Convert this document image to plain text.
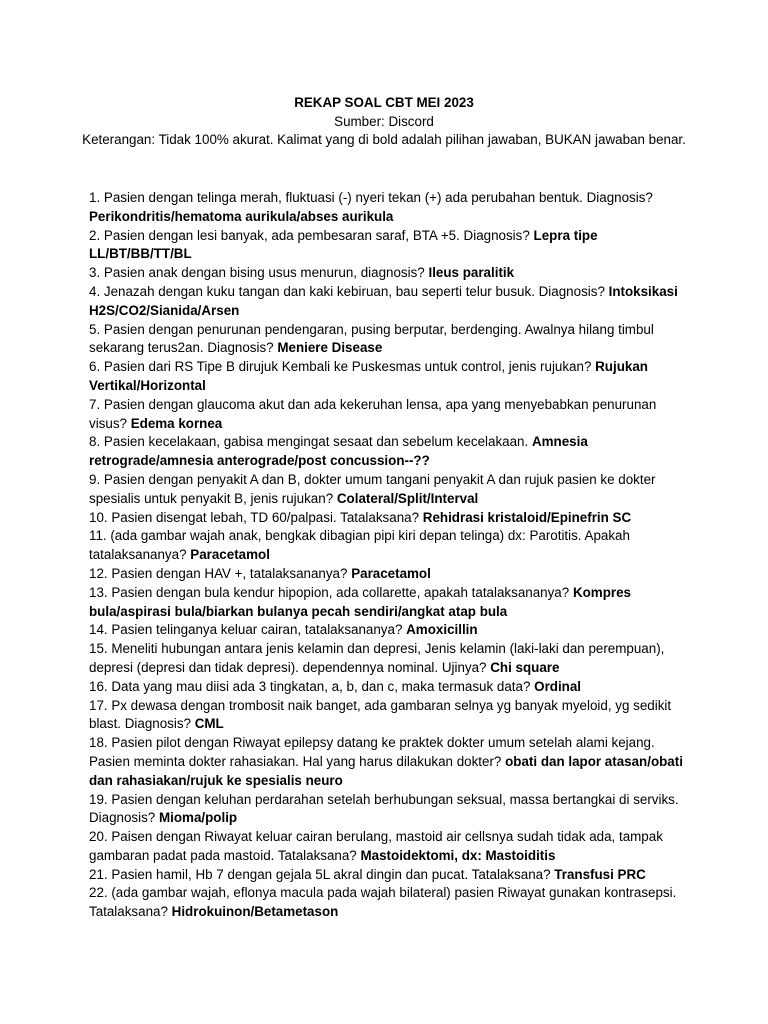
REKAP SOAL CBT MEI 2023
Sumber: Discord
Keterangan: Tidak 100% akurat. Kalimat yang di bold adalah pilihan jawaban, BUKAN jawaban benar.

1. Pasien dengan telinga merah, fluktuasi (-) nyeri tekan (+) ada perubahan bentuk. Diagnosis? Perikondritis/hematoma aurikula/abses aurikula

2. Pasien dengan lesi banyak, ada pembesaran saraf, BTA +5. Diagnosis? Lepra tipe LL/BT/BB/TT/BL

3. Pasien anak dengan bising usus menurun, diagnosis? Ileus paralitik

4. Jenazah dengan kuku tangan dan kaki kebiruan, bau seperti telur busuk. Diagnosis? Intoksikasi H2S/CO2/Sianida/Arsen

5. Pasien dengan penurunan pendengaran, pusing berputar, berdenging. Awalnya hilang timbul sekarang terus2an. Diagnosis? Meniere Disease

6. Pasien dari RS Tipe B dirujuk Kembali ke Puskesmas untuk control, jenis rujukan? Rujukan Vertikal/Horizontal

7. Pasien dengan glaucoma akut dan ada kekeruhan lensa, apa yang menyebabkan penurunan visus? Edema kornea

8. Pasien kecelakaan, gabisa mengingat sesaat dan sebelum kecelakaan. Amnesia retrograde/amnesia anterograde/post concussion--??

9. Pasien dengan penyakit A dan B, dokter umum tangani penyakit A dan rujuk pasien ke dokter spesialis untuk penyakit B, jenis rujukan? Colateral/Split/Interval

10. Pasien disengat lebah, TD 60/palpasi. Tatalaksana? Rehidrasi kristaloid/Epinefrin SC

11. (ada gambar wajah anak, bengkak dibagian pipi kiri depan telinga) dx: Parotitis. Apakah tatalaksananya? Paracetamol

12. Pasien dengan HAV +, tatalaksananya? Paracetamol

13. Pasien dengan bula kendur hipopion, ada collarette, apakah tatalaksananya? Kompres bula/aspirasi bula/biarkan bulanya pecah sendiri/angkat atap bula

14. Pasien telinganya keluar cairan, tatalaksananya? Amoxicillin

15. Meneliti hubungan antara jenis kelamin dan depresi, Jenis kelamin (laki-laki dan perempuan), depresi (depresi dan tidak depresi). dependennya nominal. Ujinya? Chi square

16. Data yang mau diisi ada 3 tingkatan, a, b, dan c, maka termasuk data? Ordinal

17. Px dewasa dengan trombosit naik banget, ada gambaran selnya yg banyak myeloid, yg sedikit blast. Diagnosis? CML

18. Pasien pilot dengan Riwayat epilepsy datang ke praktek dokter umum setelah alami kejang. Pasien meminta dokter rahasiakan. Hal yang harus dilakukan dokter? obati dan lapor atasan/obati dan rahasiakan/rujuk ke spesialis neuro

19. Pasien dengan keluhan perdarahan setelah berhubungan seksual, massa bertangkai di serviks. Diagnosis? Mioma/polip

20. Paisen dengan Riwayat keluar cairan berulang, mastoid air cellsnya sudah tidak ada, tampak gambaran padat pada mastoid. Tatalaksana? Mastoidektomi, dx: Mastoiditis

21. Pasien hamil, Hb 7 dengan gejala 5L akral dingin dan pucat. Tatalaksana? Transfusi PRC

22. (ada gambar wajah, eflonya macula pada wajah bilateral) pasien Riwayat gunakan kontrasepsi. Tatalaksana? Hidrokuinon/Betametason
